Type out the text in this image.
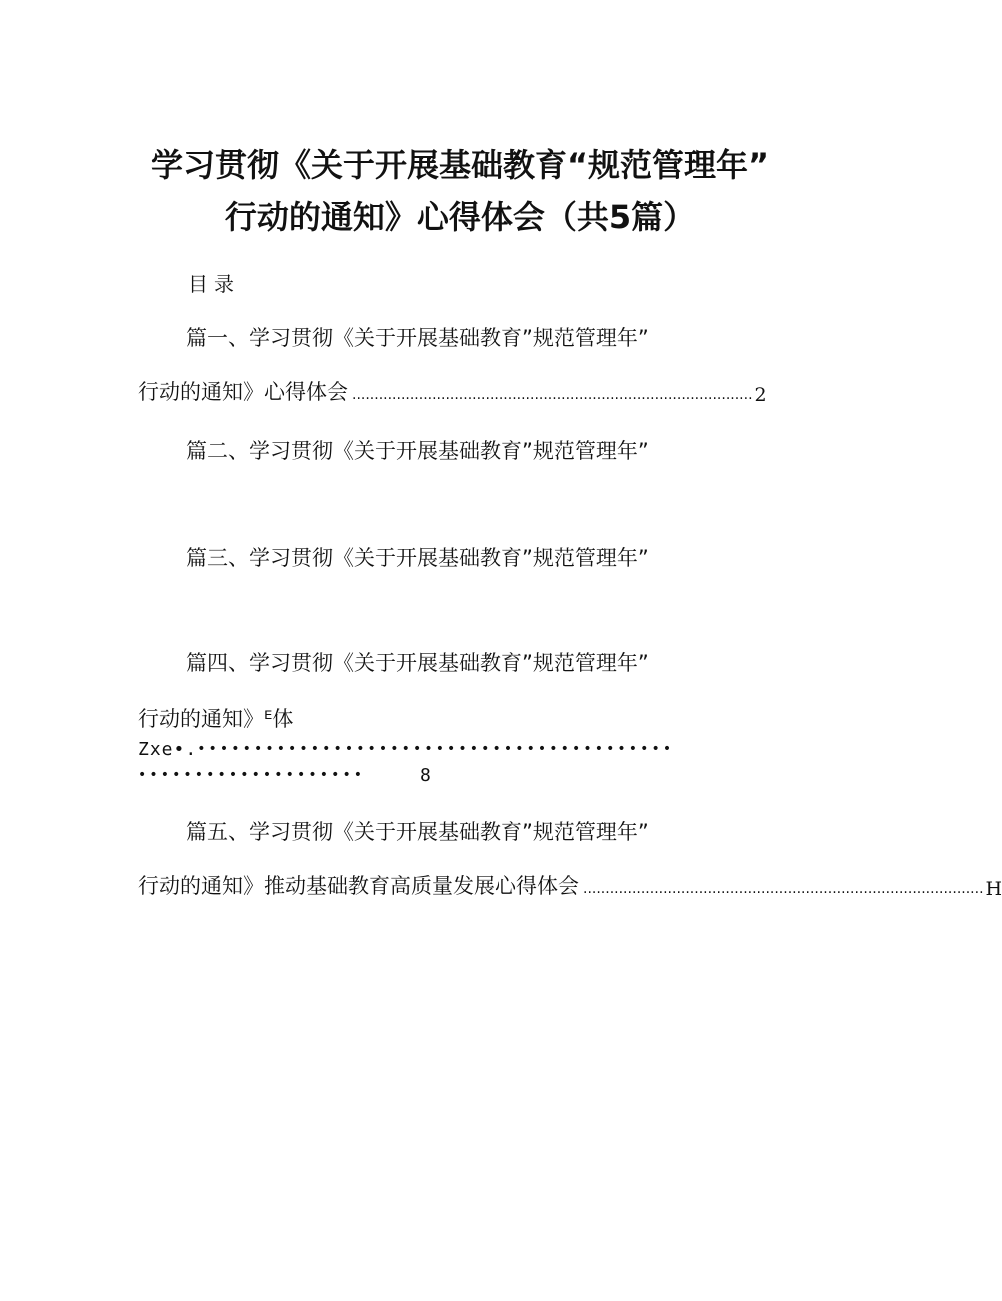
学习贯彻《关于开展基础教育“规范管理年”
行动的通知》心得体会（共5篇）
目录
篇一、学习贯彻《关于开展基础教育”规范管理年”
行动的通知》心得体会 .......................................................................................... 2
篇二、学习贯彻《关于开展基础教育”规范管理年”
篇三、学习贯彻《关于开展基础教育”规范管理年”
篇四、学习贯彻《关于开展基础教育”规范管理年”
行动的通知》ᴱ体
Zxe•. ••••••••••••••••••••••••••••••••••••••••••
••••••••••••••••••••	8
篇五、学习贯彻《关于开展基础教育”规范管理年”
行动的通知》推动基础教育高质量发展心得体会 .......................................................................................... H
